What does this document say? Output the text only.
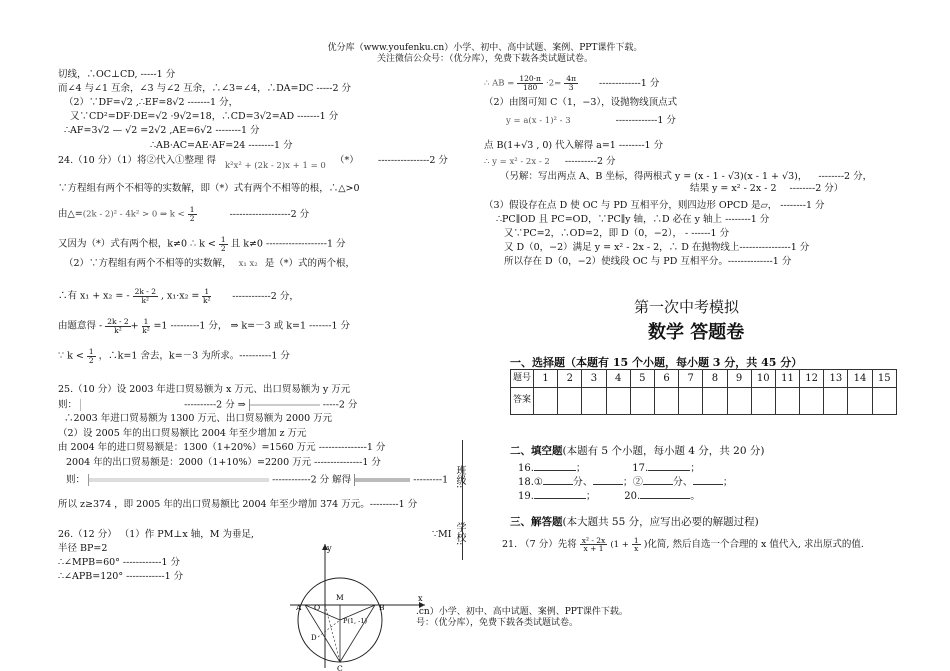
优分库（www.youfenku.cn）小学、初中、高中试题、案例、PPT课件下载。
关注微信公众号：（优分库），免费下载各类试题试卷。
切线，∴OC⊥CD, -----1 分
而∠4 与∠1 互余，∠3 与∠2 互余，∴∠3=∠4，∴DA=DC -----2 分
（2）∵DF=√2 ,∴EF=8√2 -------1 分，
又∵CD²=DF·DE=√2 ·9√2=18，∴CD=3√2=AD -------1 分
∴AF=3√2 — √2 =2√2 ,AE=6√2 --------1 分
∴AB·AC=AE·AF=24 --------1 分
24.（10 分）（1）将②代入①整理 得 k²x² + (2k - 2)x + 1 = 0 （*） ----------------2 分
∵方程组有两个不相等的实数解，即（*）式有两个不相等的根，∴△>0
由△=(2k - 2)² - 4k² > 0 ⇒ $k < \frac{1}{2}$	-------------------2 分
又因为（*）式有两个根，k≠0 ∴ $k < \frac{1}{2}$ 且 k≠0 -------------------1 分
（2）∵方程组有两个不相等的实数解， x₁ x₂ 是（*）式的两个根，
∴有 x₁ + x₂ = - $\frac{2k - 2}{\text{k²}}$ , $x_1\cdot x_2 = \frac{1}{\text{k²}} ------------2$ 分，
由题意得 - $\frac{2k - 2}{\text{k²}} + \frac{1}{\text{k²}} =1$ ---------1 分， ⇒ k=－3 或 k=1 -------1 分
∵ $k < \frac{1}{2}$ ，∴k=1 舍去，k=－3 为所求。----------1 分
25.（10 分）设 2003 年进口贸易额为 x 万元、出口贸易额为 y 万元
则：	----------2 分 ⇒	-----2 分
∴2003 年进口贸易额为 1300 万元、出口贸易额为 2000 万元
（2）设 2005 年的出口贸易额比 2004 年至少增加 z 万元
由 2004 年的进口贸易额是：1300（1+20%）=1560 万元 ---------------1 分
2004 年的出口贸易额是：2000（1+10%）=2200 万元 ---------------1 分
则：	------------2 分 解得	---------1
所以 z≥374 ，即 2005 年的出口贸易额比 2004 年至少增加 374 万元。---------1 分
26.（12 分） （1）作 PM⊥x 轴，M 为垂足,	∵MI
半径 BP=2
∴∠MPB=60° ------------1 分
∴∠APB=120° ------------1 分
班级:
学校:
y
x
A O
M
B
D
C
P(1, -1)
∴ AB = $\frac{120\cdot\pi}{180} \cdot 2= \frac{4\pi}{3} -------------1$ 分
（2）由图可知 C（1，−3），设抛物线顶点式
y = a(x - 1)² - 3	-------------1 分
点 B(1+√3 , 0) 代入解得 a=1 --------1 分
∴ y = x² - 2x - 2 ----------2 分
（另解：写出两点 A、B 坐标，得两根式 y = (x - 1 - √3)(x - 1 + √3)， --------2 分，
结果 y = x² - 2x - 2 --------2 分）
（3）假设存在点 D 使 OC 与 PD 互相平分，则四边形 OPCD 是▱， --------1 分
∴PC∥OD 且 PC=OD，∵PC∥y 轴，∴D 必在 y 轴上 --------1 分
又∵PC=2，∴OD=2，即 D（0，−2）， - ------1 分
又 D（0，−2）满足 y = x² - 2x - 2，∴ D 在抛物线上----------------1 分
所以存在 D（0，−2）使线段 OC 与 PD 互相平分。--------------1 分
第一次中考模拟
数学 答题卷
一、选择题（本题有 15 个小题，每小题 3 分，共 45 分）
题号	1	2	3	4	5	6	7	8	9	10	11	12	13	14	15
答案															
二、填空题(本题有 5 个小题，每小题 4 分，共 20 分)
16.	；	17.	；
18.①	分、	；②	分、	；
19.	；	20.	。
三、解答题(本大题共 55 分，应写出必要的解题过程)
21. （7 分）先将 $\frac{\text{x² - 2x}}{x + 1} (1 + \frac{1}{x}$ )化简, 然后自选一个合理的 x 值代入, 求出原式的值.
.cn）小学、初中、高中试题、案例、PPT课件下载。
号：（优分库），免费下载各类试题试卷。
